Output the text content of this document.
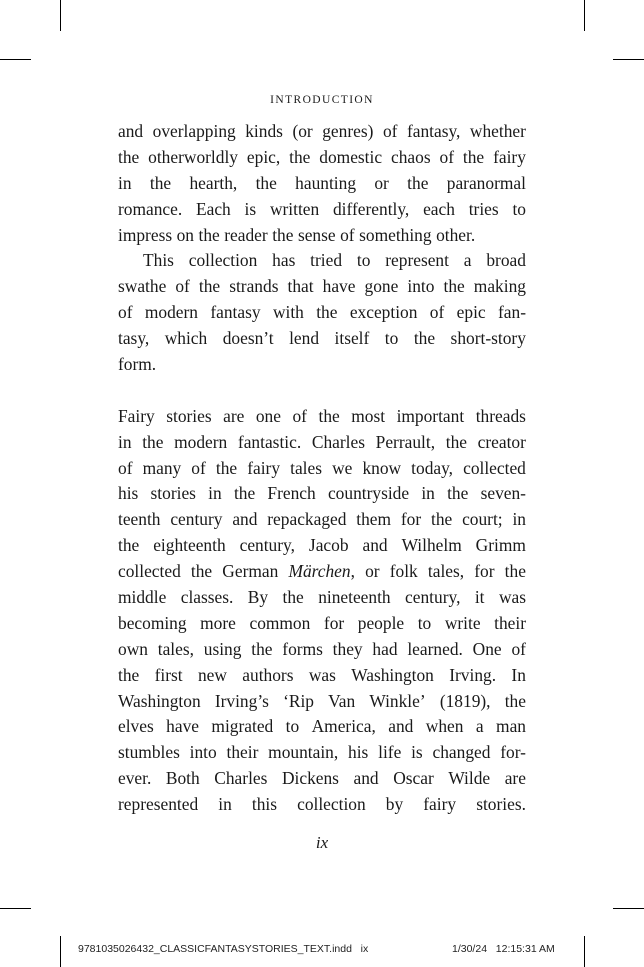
INTRODUCTION
and overlapping kinds (or genres) of fantasy, whether
the otherworldly epic, the domestic chaos of the fairy
in the hearth, the haunting or the paranormal
romance. Each is written differently, each tries to
impress on the reader the sense of something other.
This collection has tried to represent a broad
swathe of the strands that have gone into the making
of modern fantasy with the exception of epic fan-
tasy, which doesn’t lend itself to the short-story
form.
Fairy stories are one of the most important threads
in the modern fantastic. Charles Perrault, the creator
of many of the fairy tales we know today, collected
his stories in the French countryside in the seven-
teenth century and repackaged them for the court; in
the eighteenth century, Jacob and Wilhelm Grimm
collected the German Märchen, or folk tales, for the
middle classes. By the nineteenth century, it was
becoming more common for people to write their
own tales, using the forms they had learned. One of
the first new authors was Washington Irving. In
Washington Irving’s ‘Rip Van Winkle’ (1819), the
elves have migrated to America, and when a man
stumbles into their mountain, his life is changed for-
ever. Both Charles Dickens and Oscar Wilde are
represented in this collection by fairy stories.
ix
9781035026432_CLASSICFANTASYSTORIES_TEXT.indd   ix	1/30/24   12:15:31 AM
